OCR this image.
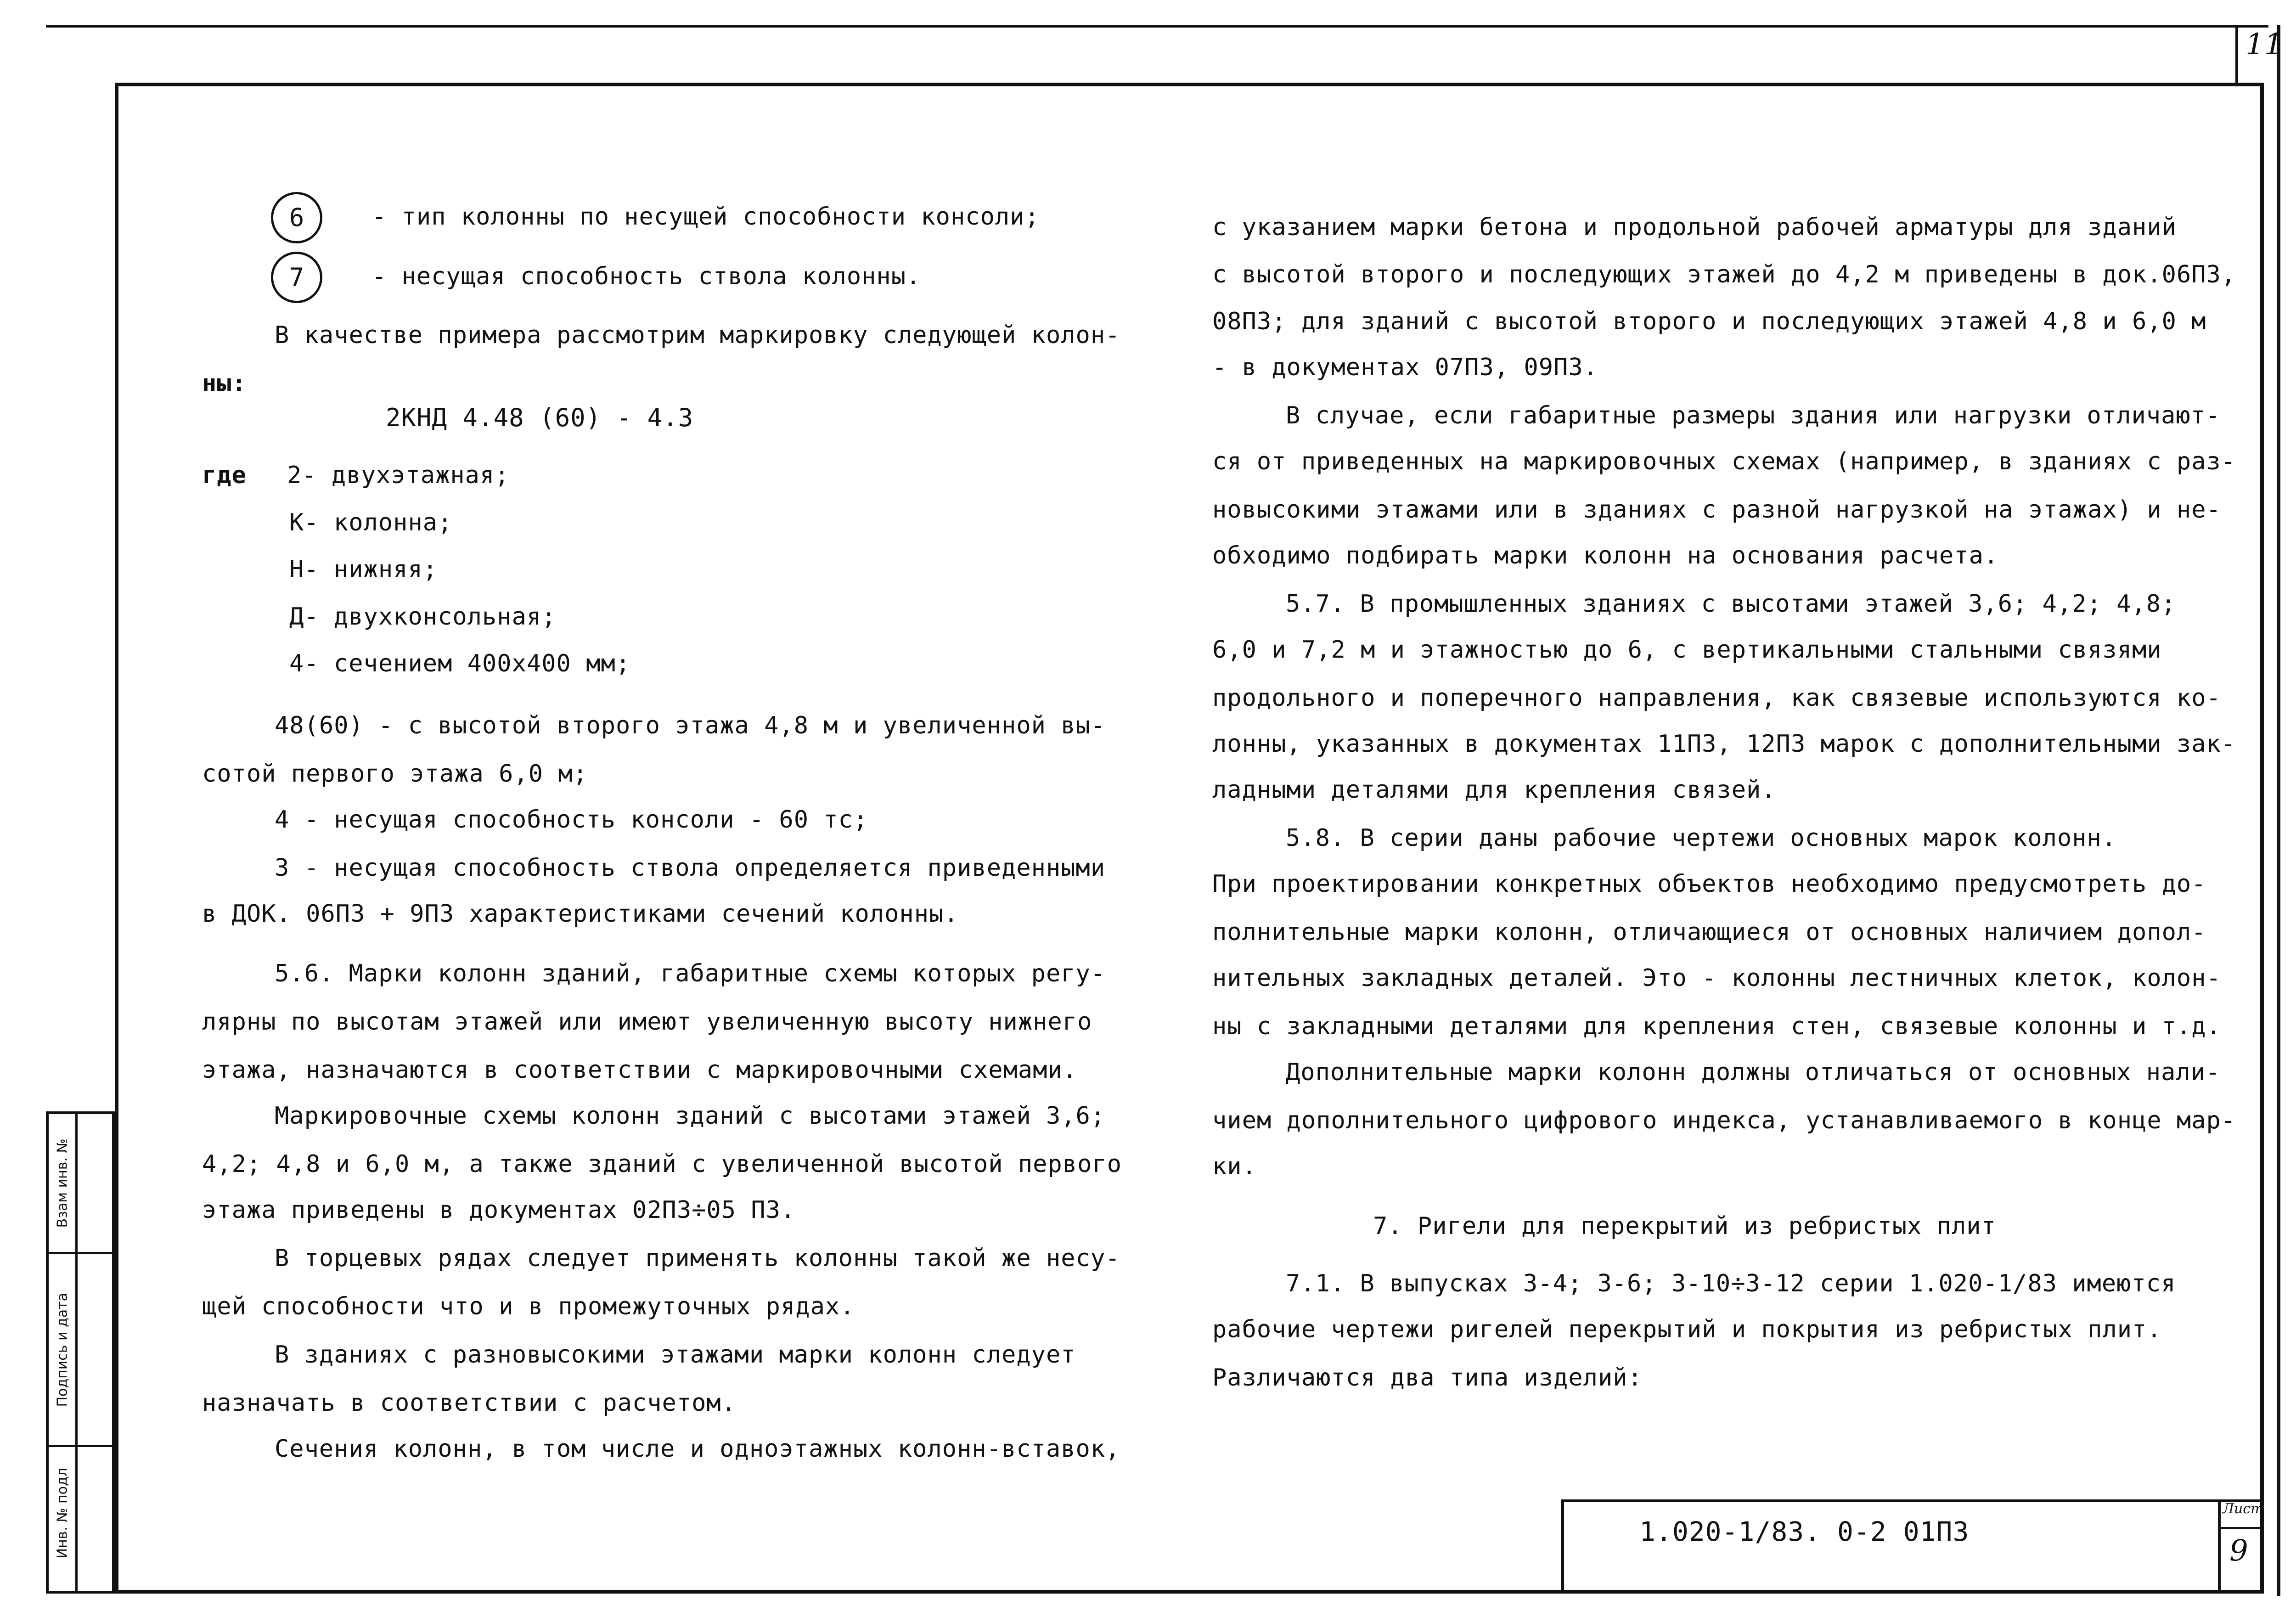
11
Инв. № подл
Подпись и дата
Взам инв. №
1.020-1/83. 0-2 01ПЗ
Лист
9
6	- тип колонны по несущей способности консоли;
7	- несущая способность ствола колонны.
В качестве примера рассмотрим маркировку следующей колон-
ны:
2КНД 4.48 (60) - 4.3
где 2- двухэтажная;
К- колонна;
Н- нижняя;
Д- двухконсольная;
4- сечением 400х400 мм;
48(60) - с высотой второго этажа 4,8 м и увеличенной вы-
сотой первого этажа 6,0 м;
4 - несущая способность консоли - 60 тс;
3 - несущая способность ствола определяется приведенными
в ДОК. 06ПЗ + 9ПЗ характеристиками сечений колонны.
5.6. Марки колонн зданий, габаритные схемы которых регу-
лярны по высотам этажей или имеют увеличенную высоту нижнего
этажа, назначаются в соответствии с маркировочными схемами.
Маркировочные схемы колонн зданий с высотами этажей 3,6;
4,2; 4,8 и 6,0 м, а также зданий с увеличенной высотой первого
этажа приведены в документах 02ПЗ÷05 ПЗ.
В торцевых рядах следует применять колонны такой же несу-
щей способности что и в промежуточных рядах.
В зданиях с разновысокими этажами марки колонн следует
назначать в соответствии с расчетом.
Сечения колонн, в том числе и одноэтажных колонн-вставок,
с указанием марки бетона и продольной рабочей арматуры для зданий
с высотой второго и последующих этажей до 4,2 м приведены в док.06ПЗ,
08ПЗ; для зданий с высотой второго и последующих этажей 4,8 и 6,0 м
- в документах 07ПЗ, 09ПЗ.
В случае, если габаритные размеры здания или нагрузки отличают-
ся от приведенных на маркировочных схемах (например, в зданиях с раз-
новысокими этажами или в зданиях с разной нагрузкой на этажах) и не-
обходимо подбирать марки колонн на основания расчета.
5.7. В промышленных зданиях с высотами этажей 3,6; 4,2; 4,8;
6,0 и 7,2 м и этажностью до 6, с вертикальными стальными связями
продольного и поперечного направления, как связевые используются ко-
лонны, указанных в документах 11ПЗ, 12ПЗ марок с дополнительными зак-
ладными деталями для крепления связей.
5.8. В серии даны рабочие чертежи основных марок колонн.
При проектировании конкретных объектов необходимо предусмотреть до-
полнительные марки колонн, отличающиеся от основных наличием допол-
нительных закладных деталей. Это - колонны лестничных клеток, колон-
ны с закладными деталями для крепления стен, связевые колонны и т.д.
Дополнительные марки колонн должны отличаться от основных нали-
чием дополнительного цифрового индекса, устанавливаемого в конце мар-
ки.
7. Ригели для перекрытий из ребристых плит
7.1. В выпусках 3-4; 3-6; 3-10÷3-12 серии 1.020-1/83 имеются
рабочие чертежи ригелей перекрытий и покрытия из ребристых плит.
Различаются два типа изделий:
